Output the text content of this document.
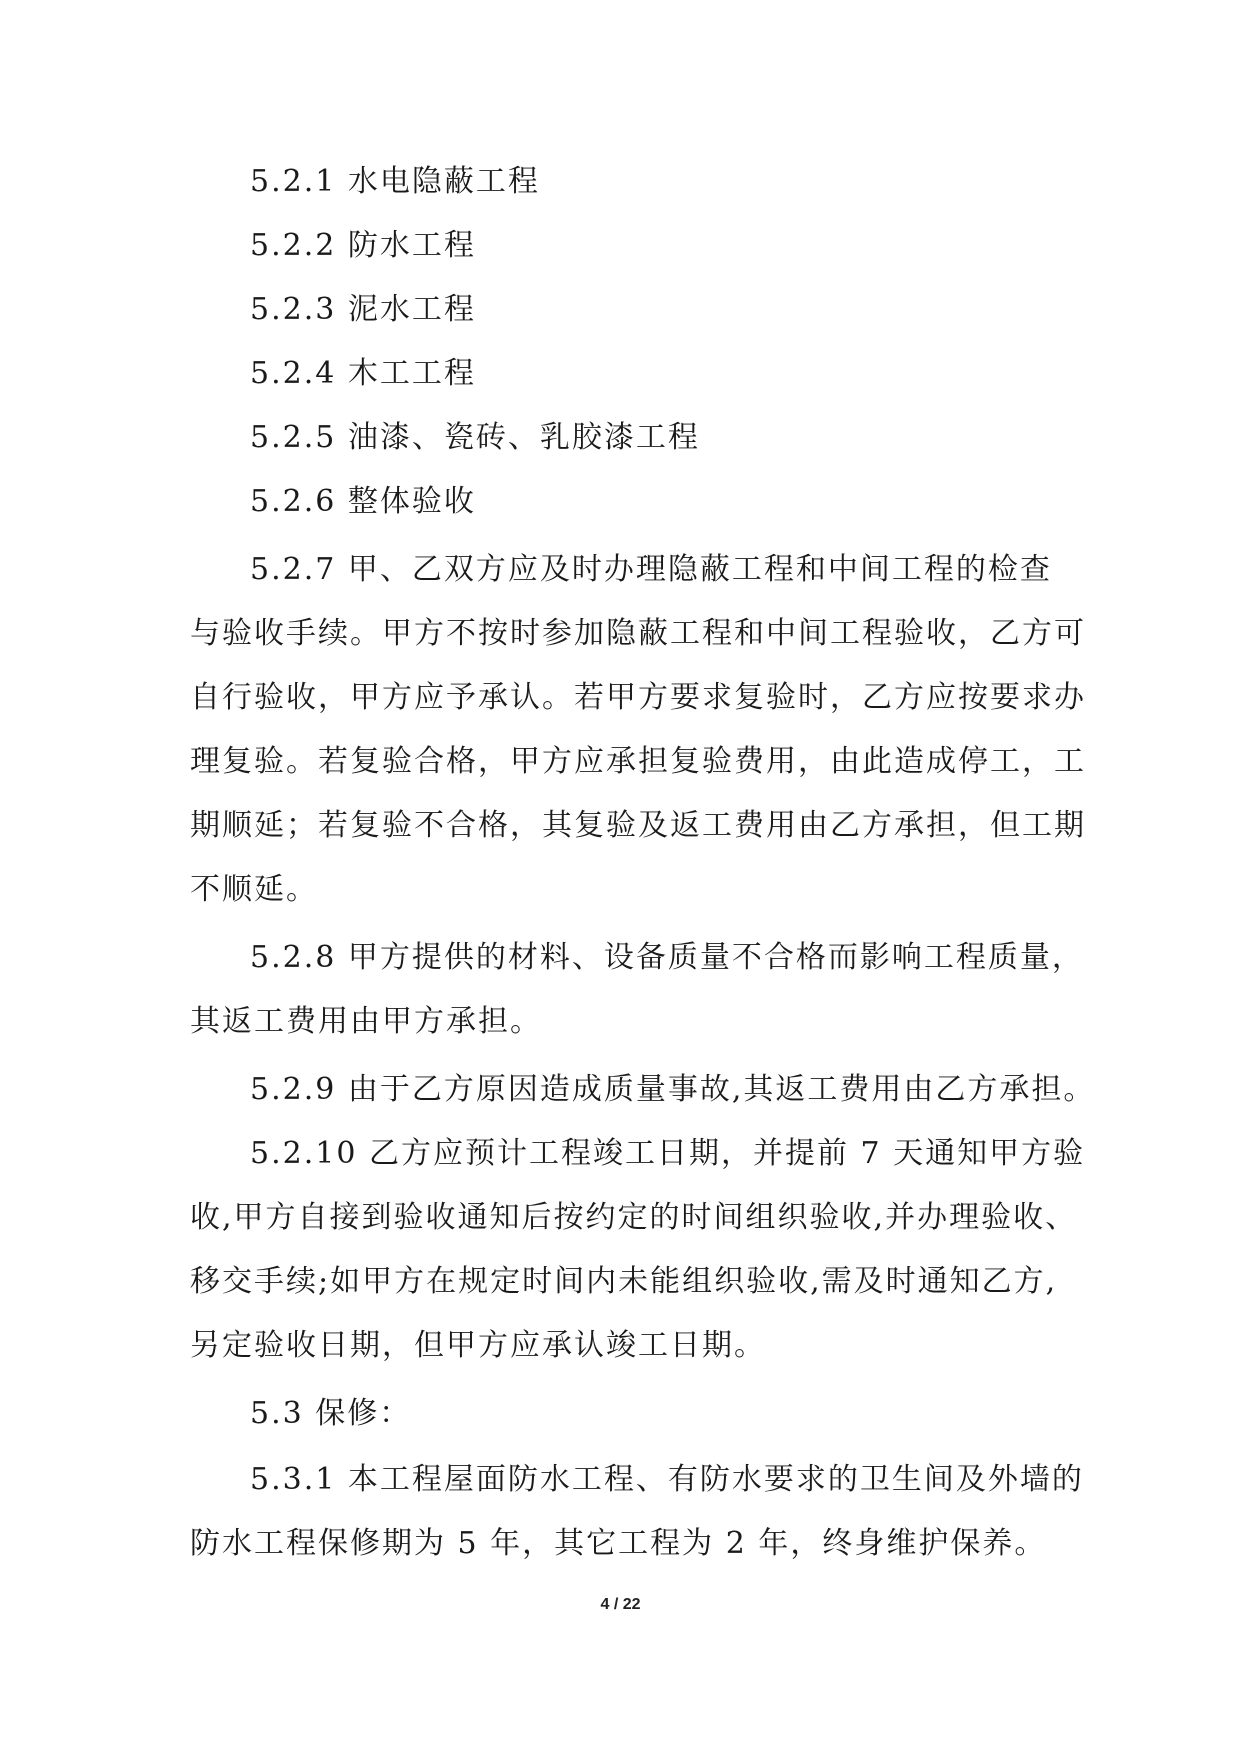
5.2.1 水电隐蔽工程
5.2.2 防水工程
5.2.3 泥水工程
5.2.4 木工工程
5.2.5 油漆、瓷砖、乳胶漆工程
5.2.6 整体验收
5.2.7 甲、乙双方应及时办理隐蔽工程和中间工程的检查
与验收手续。甲方不按时参加隐蔽工程和中间工程验收，乙方可
自行验收，甲方应予承认。若甲方要求复验时，乙方应按要求办
理复验。若复验合格，甲方应承担复验费用，由此造成停工，工
期顺延；若复验不合格，其复验及返工费用由乙方承担，但工期
不顺延。
5.2.8 甲方提供的材料、设备质量不合格而影响工程质量，
其返工费用由甲方承担。
5.2.9 由于乙方原因造成质量事故,其返工费用由乙方承担。
5.2.10 乙方应预计工程竣工日期，并提前 7 天通知甲方验
收,甲方自接到验收通知后按约定的时间组织验收,并办理验收、
移交手续;如甲方在规定时间内未能组织验收,需及时通知乙方,
另定验收日期，但甲方应承认竣工日期。
5.3 保修：
5.3.1 本工程屋面防水工程、有防水要求的卫生间及外墙的
防水工程保修期为 5 年，其它工程为 2 年，终身维护保养。
4 / 22
